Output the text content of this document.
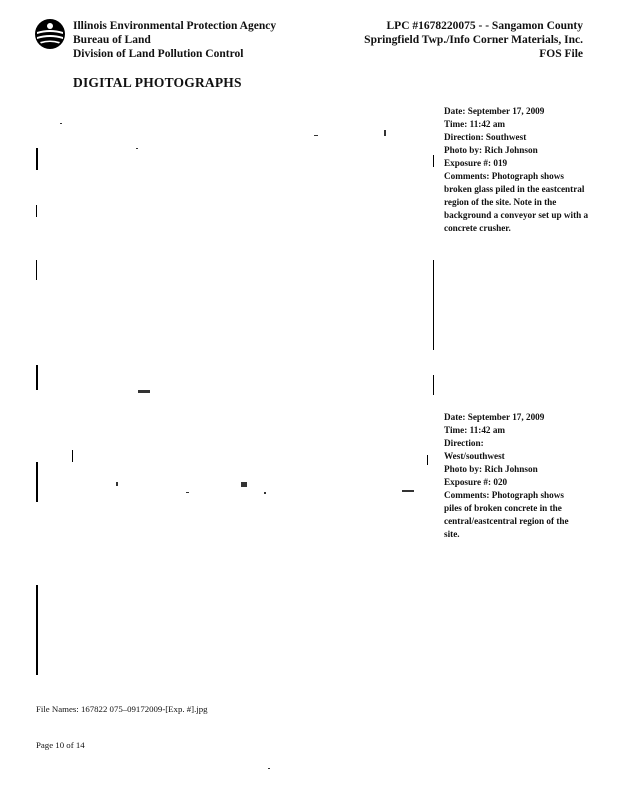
Illinois Environmental Protection Agency
Bureau of Land
Division of Land Pollution Control
LPC #1678220075 - - Sangamon County
Springfield Twp./Info Corner Materials, Inc.
FOS File
DIGITAL PHOTOGRAPHS
Date: September 17, 2009
Time: 11:42 am
Direction: Southwest
Photo by: Rich Johnson
Exposure #: 019
Comments: Photograph shows broken glass piled in the eastcentral region of the site. Note in the background a conveyor set up with a concrete crusher.
Date: September 17, 2009
Time: 11:42 am
Direction: West/southwest
Photo by: Rich Johnson
Exposure #: 020
Comments: Photograph shows piles of broken concrete in the central/eastcentral region of the site.
File Names: 167822 075–09172009-[Exp. #].jpg
Page 10 of 14
